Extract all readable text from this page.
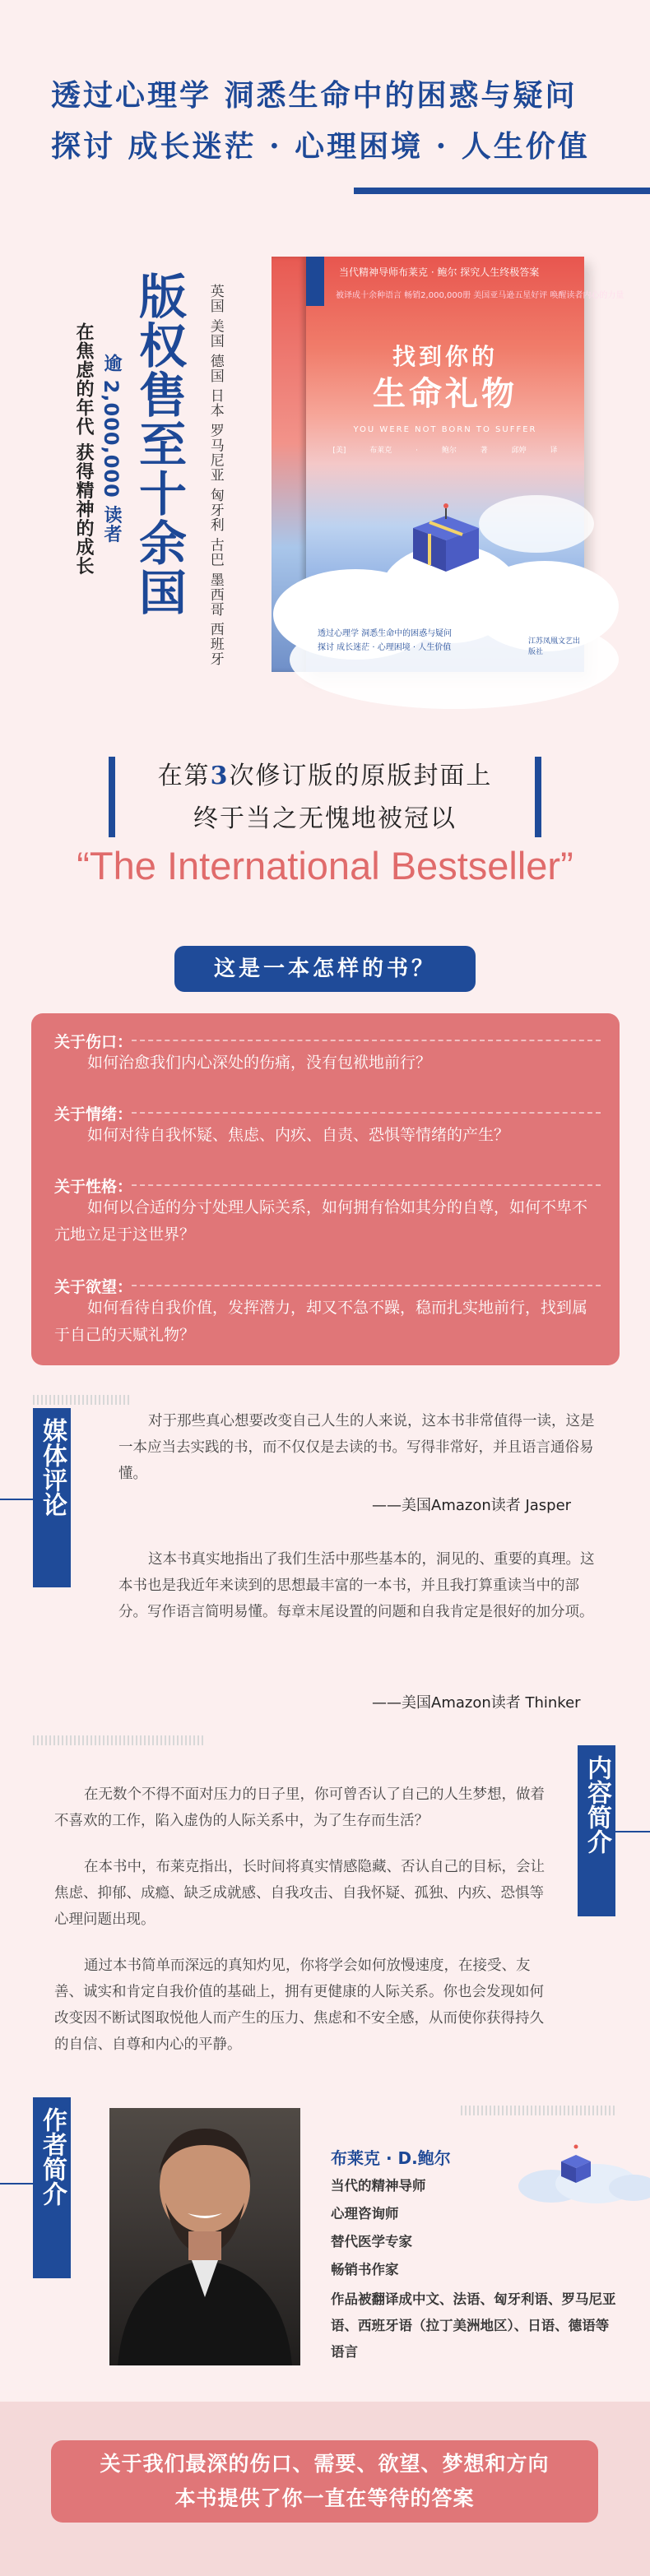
透过心理学 洞悉生命中的困惑与疑问
探讨 成长迷茫 · 心理困境 · 人生价值
版权售至十余国 英国 美国 德国 日本 罗马尼亚 匈牙利 古巴 墨西哥 西班牙
逾 2,000,000 读者
在焦虑的年代 获得精神的成长
当代精神导师布莱克 · 鲍尔 探究人生终极答案
被译成十余种语言 畅销2,000,000册 美国亚马逊五星好评 唤醒读者内心的力量
找到你的
生命礼物
YOU WERE NOT BORN TO SUFFER
[美] 布莱克 · 鲍尔	著	邱婷	译
透过心理学 洞悉生命中的困惑与疑问
探讨 成长迷茫 · 心理困境 · 人生价值
江苏凤凰文艺出版社
在第3次修订版的原版封面上
终于当之无愧地被冠以
“The International Bestseller”
这是一本怎样的书？
关于伤口：
如何治愈我们内心深处的伤痛，没有包袱地前行？
关于情绪：
如何对待自我怀疑、焦虑、内疚、自责、恐惧等情绪的产生？
关于性格：
如何以合适的分寸处理人际关系，如何拥有恰如其分的自尊，如何不卑不亢地立足于这世界？
关于欲望：
如何看待自我价值，发挥潜力，却又不急不躁，稳而扎实地前行，找到属于自己的天赋礼物？
媒体评论	对于那些真心想要改变自己人生的人来说，这本书非常值得一读，这是一本应当去实践的书，而不仅仅是去读的书。写得非常好，并且语言通俗易懂。
——美国Amazon读者 Jasper
这本书真实地指出了我们生活中那些基本的，洞见的、重要的真理。这本书也是我近年来读到的思想最丰富的一本书，并且我打算重读当中的部分。写作语言简明易懂。每章末尾设置的问题和自我肯定是很好的加分项。
——美国Amazon读者 Thinker
内容简介
在无数个不得不面对压力的日子里，你可曾否认了自己的人生梦想，做着不喜欢的工作，陷入虚伪的人际关系中，为了生存而生活？
在本书中，布莱克指出，长时间将真实情感隐藏、否认自己的目标，会让焦虑、抑郁、成瘾、缺乏成就感、自我攻击、自我怀疑、孤独、内疚、恐惧等心理问题出现。
通过本书简单而深远的真知灼见，你将学会如何放慢速度，在接受、友善、诚实和肯定自我价值的基础上，拥有更健康的人际关系。你也会发现如何改变因不断试图取悦他人而产生的压力、焦虑和不安全感，从而使你获得持久的自信、自尊和内心的平静。
作者简介	布莱克 · D.鲍尔
当代的精神导师
心理咨询师
替代医学专家
畅销书作家
作品被翻译成中文、法语、匈牙利语、罗马尼亚语、西班牙语（拉丁美洲地区）、日语、德语等语言
关于我们最深的伤口、需要、欲望、梦想和方向
本书提供了你一直在等待的答案
